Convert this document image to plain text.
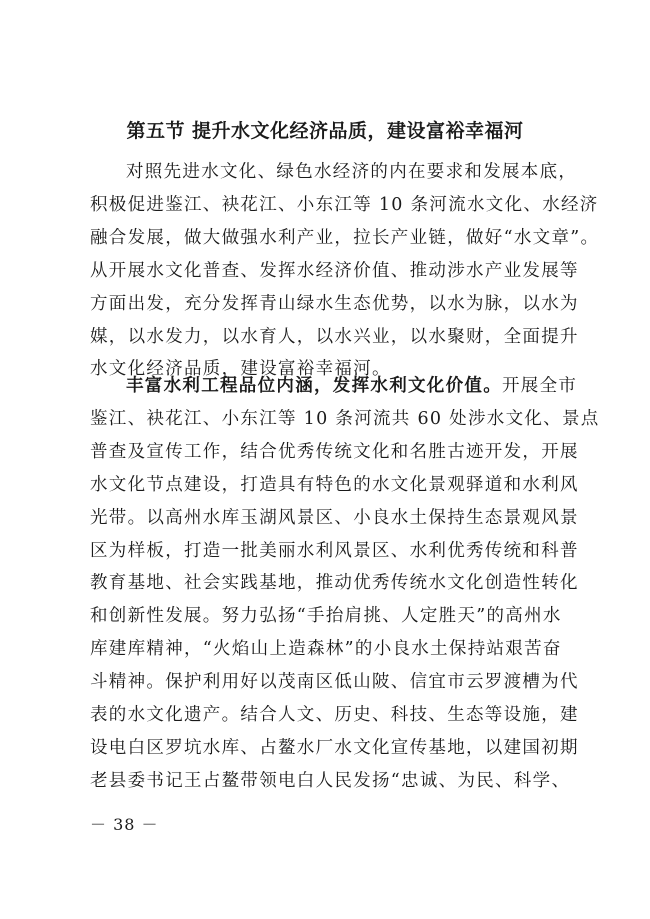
第五节 提升水文化经济品质，建设富裕幸福河
对照先进水文化、绿色水经济的内在要求和发展本底，
积极促进鉴江、袂花江、小东江等 10 条河流水文化、水经济
融合发展，做大做强水利产业，拉长产业链，做好“水文章”。
从开展水文化普查、发挥水经济价值、推动涉水产业发展等
方面出发，充分发挥青山绿水生态优势，以水为脉，以水为
媒，以水发力，以水育人，以水兴业，以水聚财，全面提升
水文化经济品质，建设富裕幸福河。
丰富水利工程品位内涵，发挥水利文化价值。开展全市
鉴江、袂花江、小东江等 10 条河流共 60 处涉水文化、景点
普查及宣传工作，结合优秀传统文化和名胜古迹开发，开展
水文化节点建设，打造具有特色的水文化景观驿道和水利风
光带。以高州水库玉湖风景区、小良水土保持生态景观风景
区为样板，打造一批美丽水利风景区、水利优秀传统和科普
教育基地、社会实践基地，推动优秀传统水文化创造性转化
和创新性发展。努力弘扬“手抬肩挑、人定胜天”的高州水
库建库精神，“火焰山上造森林”的小良水土保持站艰苦奋
斗精神。保护利用好以茂南区低山陂、信宜市云罗渡槽为代
表的水文化遗产。结合人文、历史、科技、生态等设施，建
设电白区罗坑水库、占鳌水厂水文化宣传基地，以建国初期
老县委书记王占鳌带领电白人民发扬“忠诚、为民、科学、
－ 38 －
